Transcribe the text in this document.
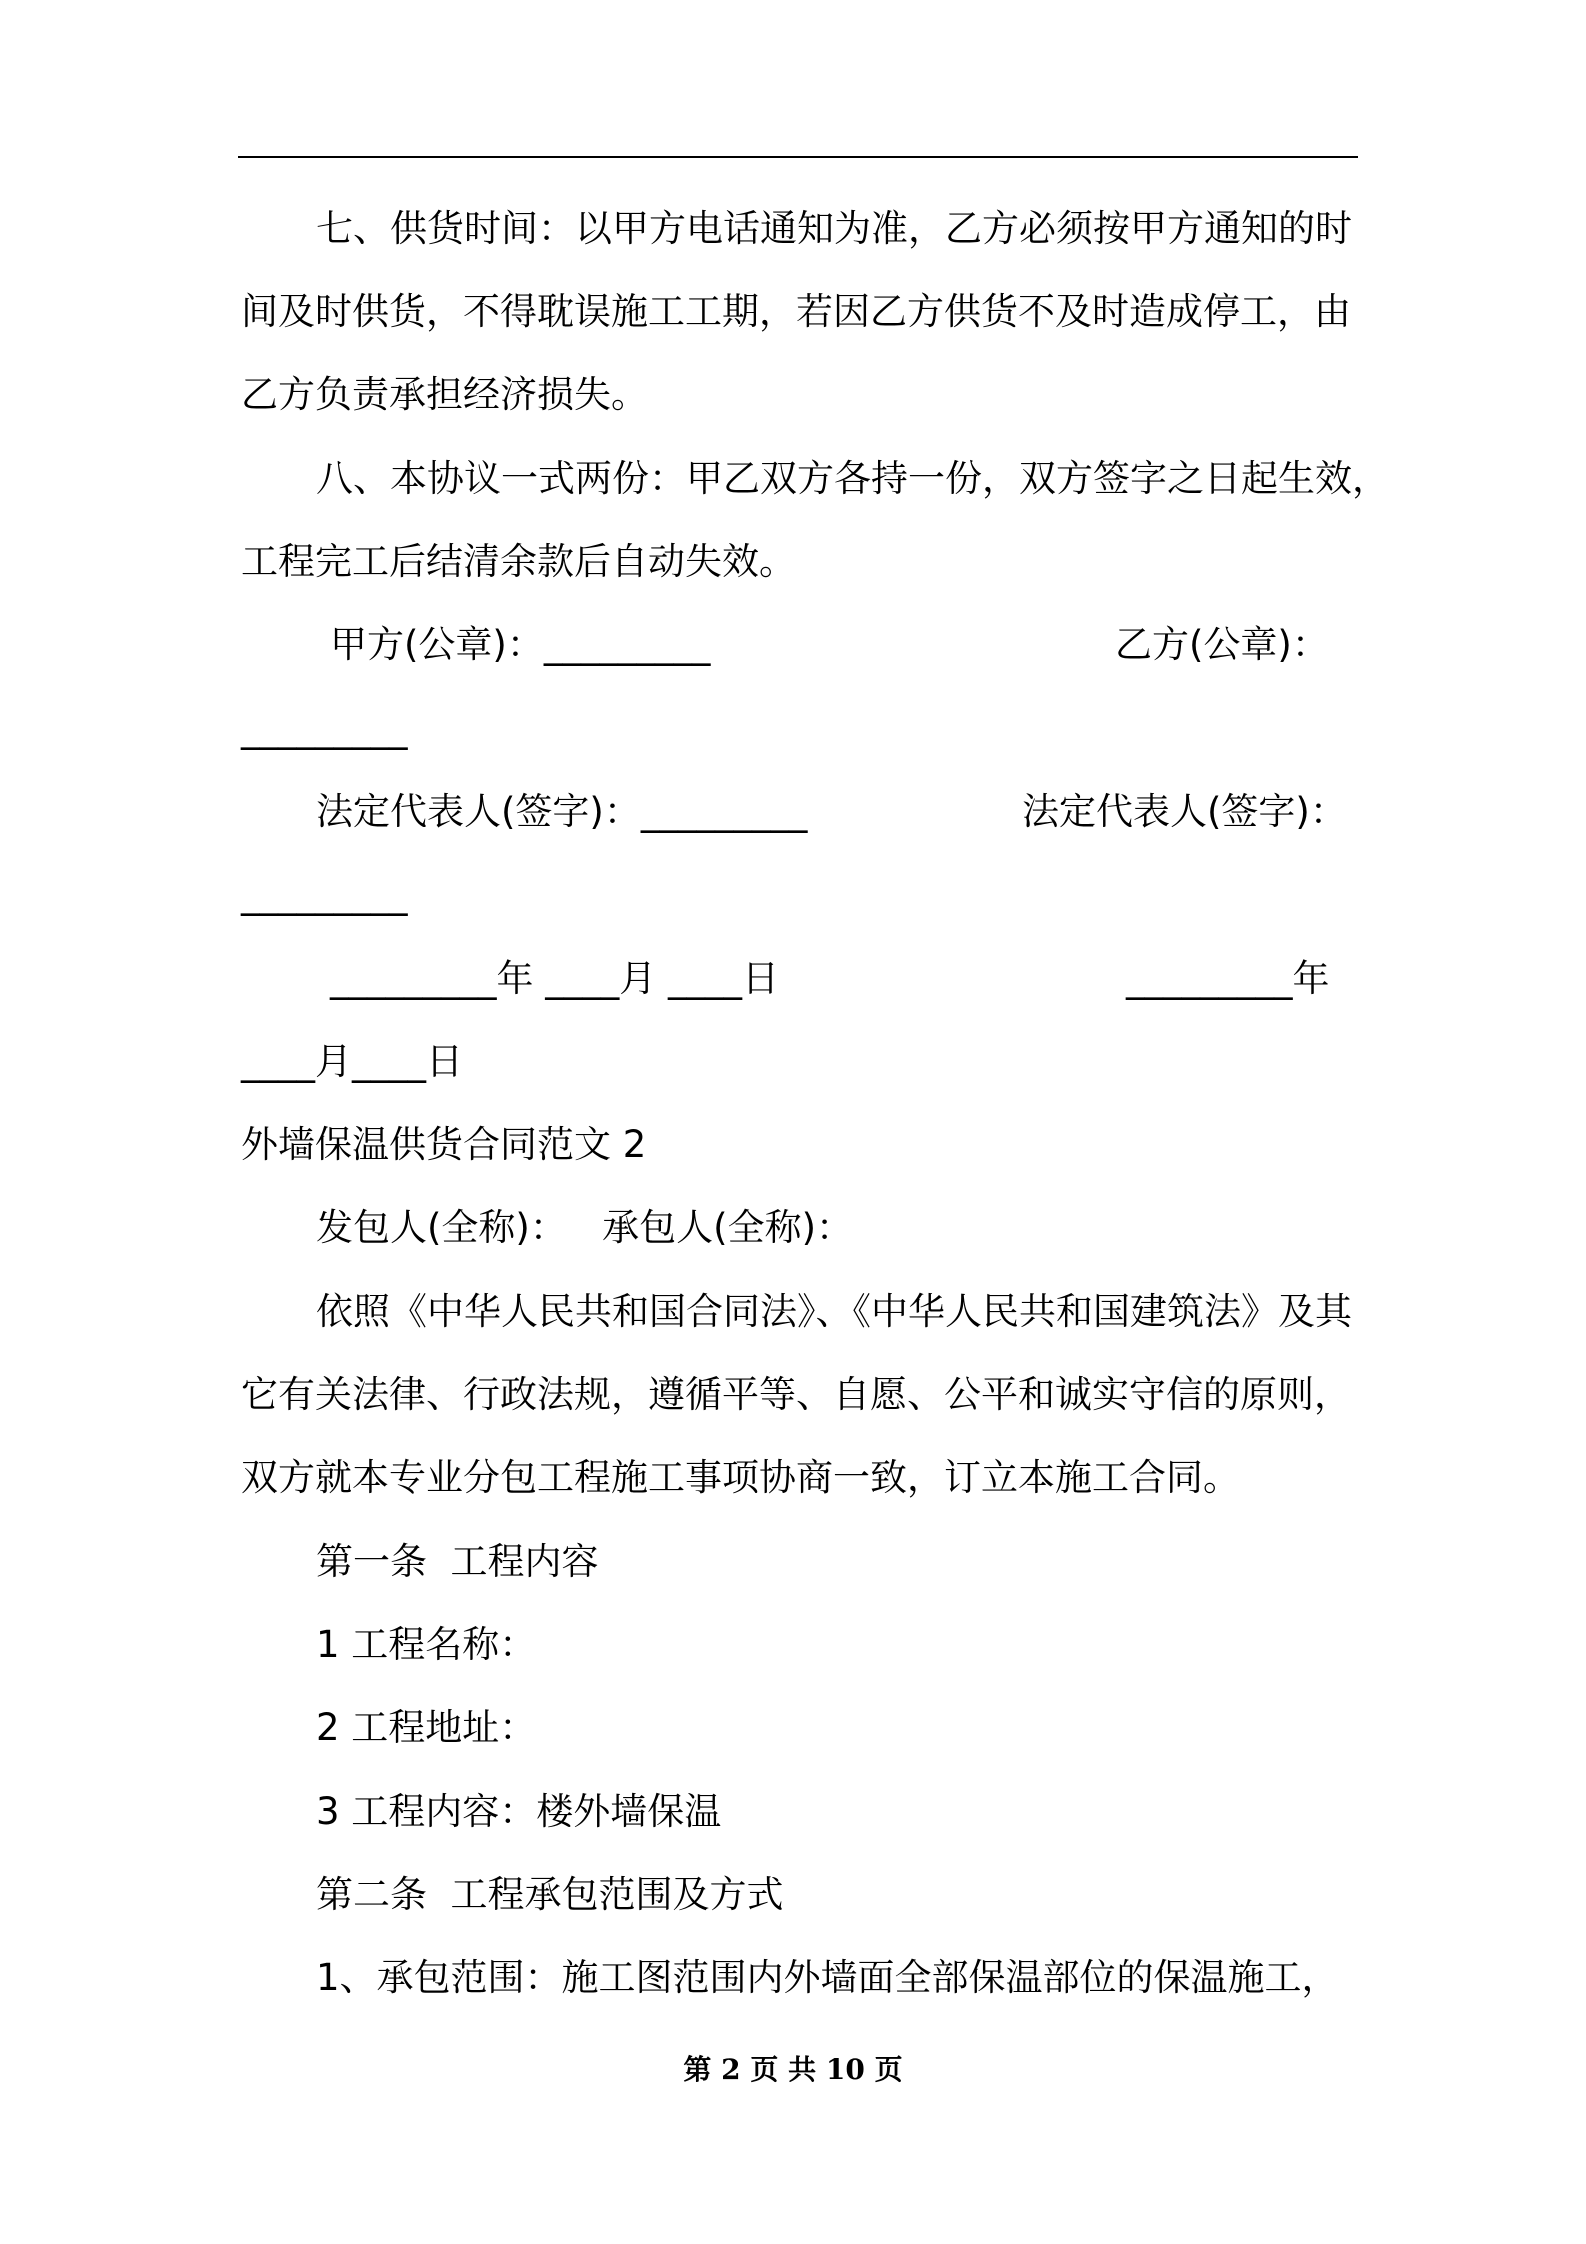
七、供货时间：以甲方电话通知为准，乙方必须按甲方通知的时
间及时供货，不得耽误施工工期，若因乙方供货不及时造成停工，由
乙方负责承担经济损失。
八、本协议一式两份：甲乙双方各持一份，双方签字之日起生效，
工程完工后结清余款后自动失效。
甲方(公章)：_________	乙方(公章)：
_________
法定代表人(签字)：_________	法定代表人(签字)：
_________
_________年 ____月 ____日	_________年
____月____日
外墙保温供货合同范文 2
发包人(全称)：   承包人(全称)：
依照《中华人民共和国合同法》、《中华人民共和国建筑法》及其
它有关法律、行政法规，遵循平等、自愿、公平和诚实守信的原则，
双方就本专业分包工程施工事项协商一致，订立本施工合同。
第一条  工程内容
1 工程名称：
2 工程地址：
3 工程内容：楼外墙保温
第二条  工程承包范围及方式
1、承包范围：施工图范围内外墙面全部保温部位的保温施工，
第 2 页 共 10 页
